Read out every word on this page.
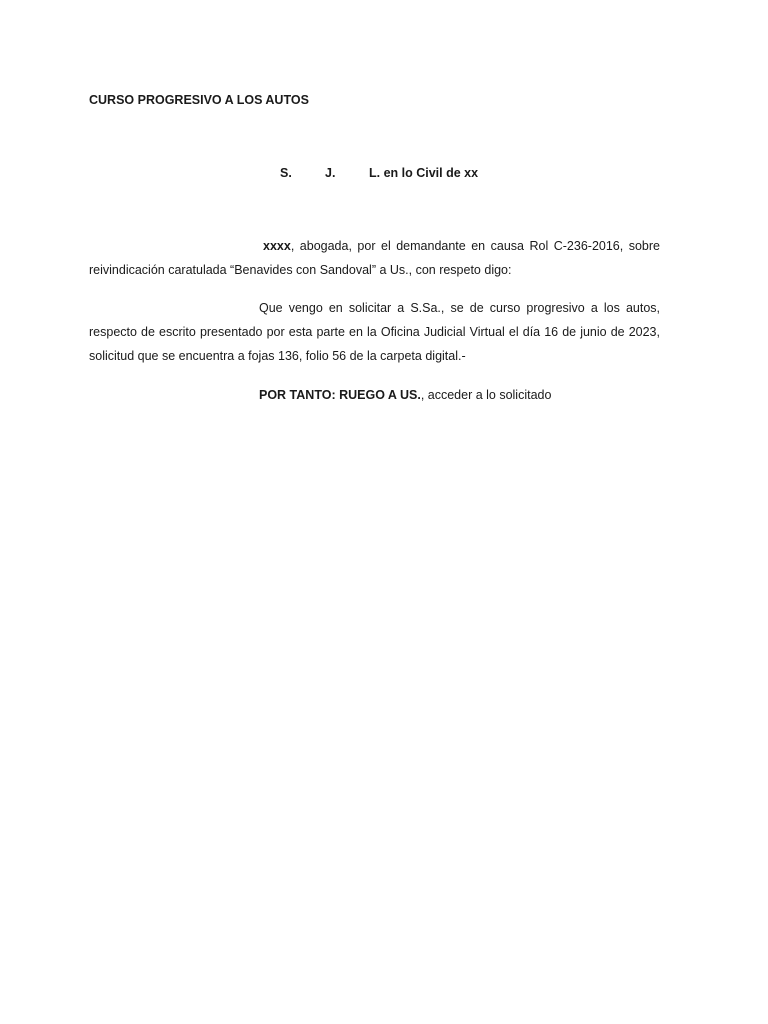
CURSO PROGRESIVO A LOS AUTOS
S.	J.	L. en lo Civil de xx
xxxx, abogada, por el demandante en causa Rol C-236-2016, sobre reivindicación caratulada “Benavides con Sandoval” a Us., con respeto digo:
Que vengo en solicitar a S.Sa., se de curso progresivo a los autos, respecto de escrito presentado por esta parte en la Oficina Judicial Virtual el día 16 de junio de 2023, solicitud que se encuentra a fojas 136, folio 56 de la carpeta digital.-
POR TANTO: RUEGO A US., acceder a lo solicitado
